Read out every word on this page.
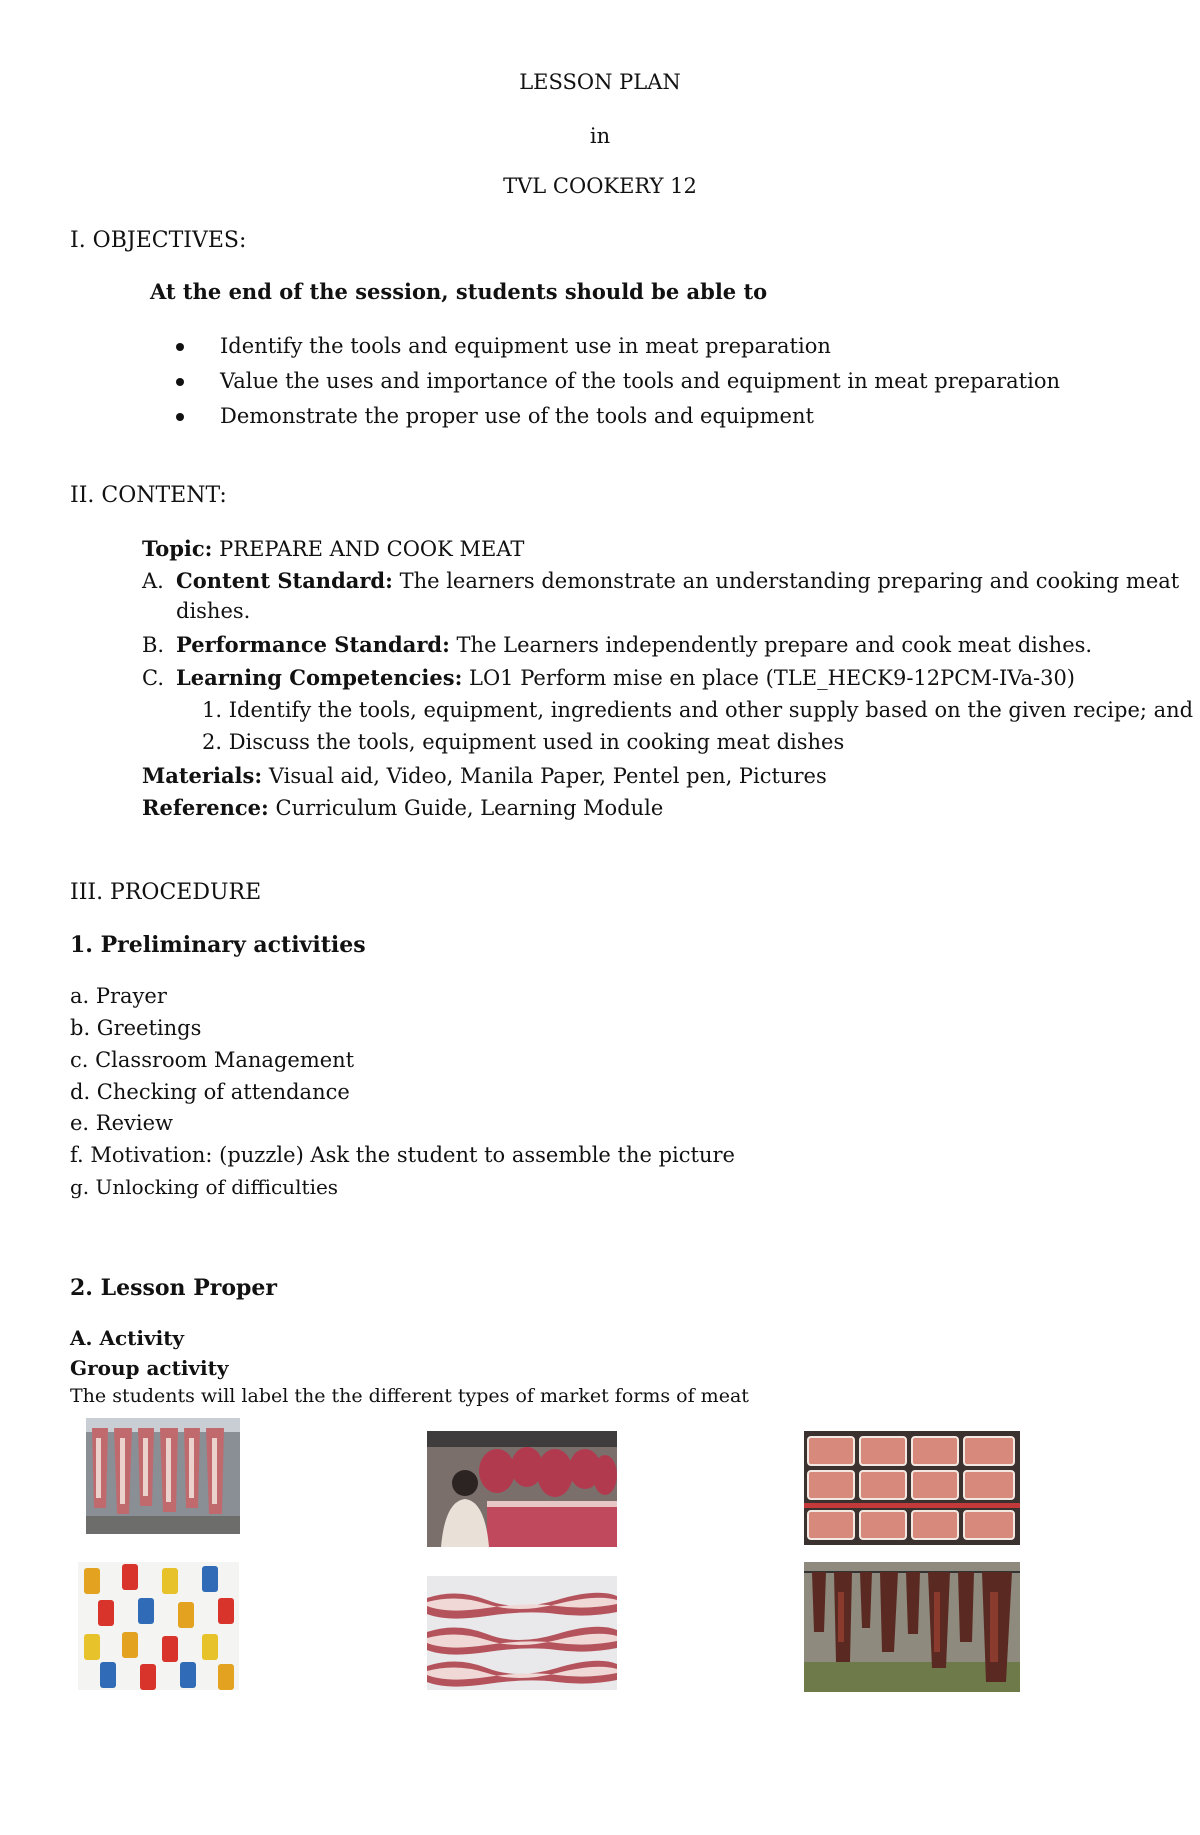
LESSON PLAN
in
TVL COOKERY 12
I. OBJECTIVES:
At the end of the session, students should be able to
Identify the tools and equipment use in meat preparation
Value the uses and importance of the tools and equipment in meat preparation
Demonstrate the proper use of the tools and equipment
II. CONTENT:
Topic: PREPARE AND COOK MEAT
A. Content Standard: The learners demonstrate an understanding preparing and cooking meat
dishes.
B. Performance Standard: The Learners independently prepare and cook meat dishes.
C. Learning Competencies: LO1 Perform mise en place (TLE_HECK9-12PCM-IVa-30)
1. Identify the tools, equipment, ingredients and other supply based on the given recipe; and
2. Discuss the tools, equipment used in cooking meat dishes
Materials: Visual aid, Video, Manila Paper, Pentel pen, Pictures
Reference: Curriculum Guide, Learning Module
III. PROCEDURE
1. Preliminary activities
a. Prayer
b. Greetings
c. Classroom Management
d. Checking of attendance
e. Review
f. Motivation: (puzzle) Ask the student to assemble the picture
g. Unlocking of difficulties
2. Lesson Proper
A. Activity
Group activity
The students will label the the different types of market forms of meat
